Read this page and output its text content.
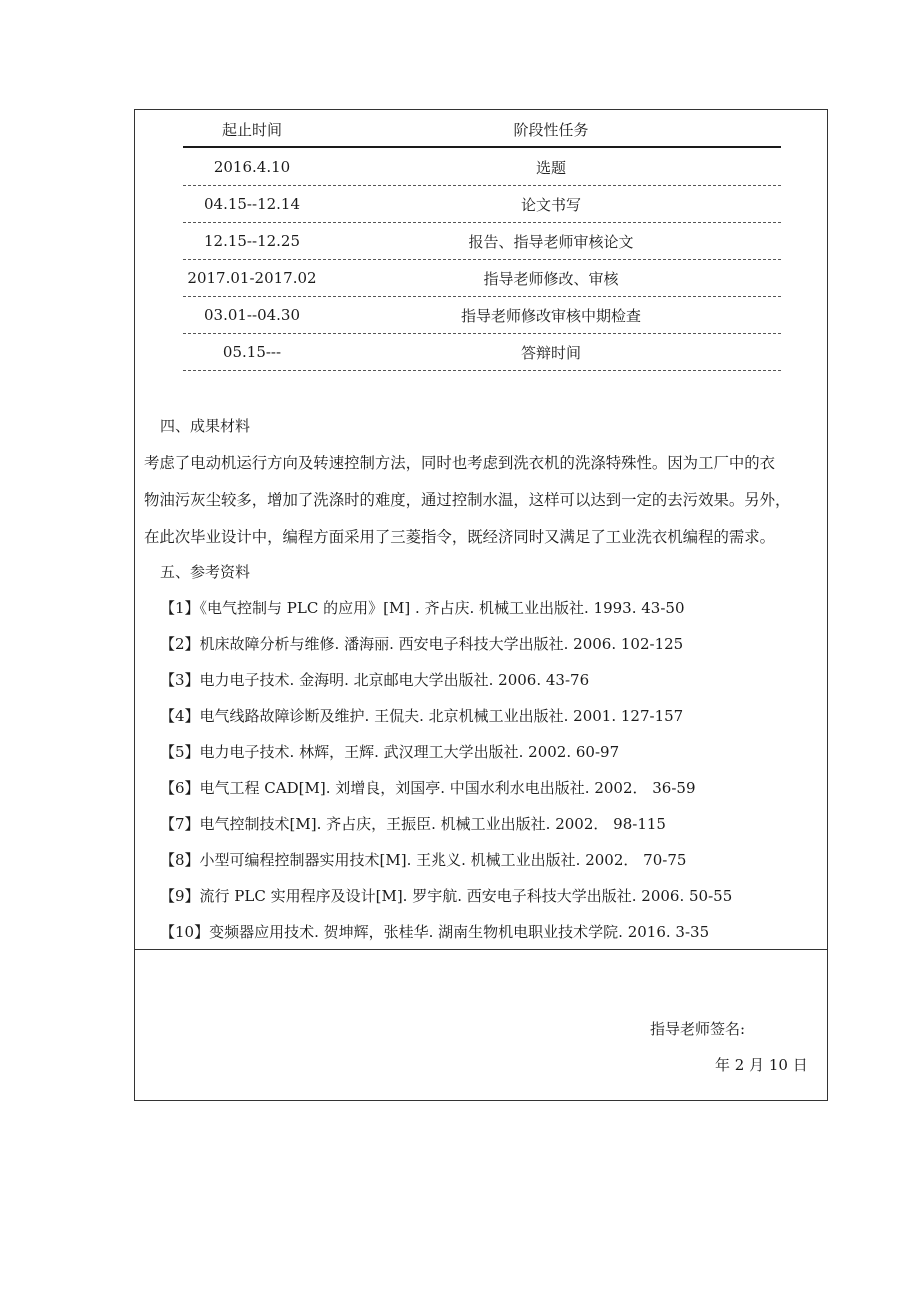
起止时间	阶段性任务
2016.4.10	选题
04.15--12.14	论文书写
12.15--12.25	报告、指导老师审核论文
2017.01-2017.02	指导老师修改、审核
03.01--04.30	指导老师修改审核中期检查
05.15---	答辩时间
四、成果材料
考虑了电动机运行方向及转速控制方法，同时也考虑到洗衣机的洗涤特殊性。因为工厂中的衣
物油污灰尘较多，增加了洗涤时的难度，通过控制水温，这样可以达到一定的去污效果。另外，
在此次毕业设计中，编程方面采用了三菱指令，既经济同时又满足了工业洗衣机编程的需求。
五、参考资料
【1】《电气控制与 PLC 的应用》[M] . 齐占庆. 机械工业出版社. 1993. 43-50
【2】机床故障分析与维修. 潘海丽. 西安电子科技大学出版社. 2006. 102-125
【3】电力电子技术. 金海明. 北京邮电大学出版社. 2006. 43-76
【4】电气线路故障诊断及维护. 王侃夫. 北京机械工业出版社. 2001. 127-157
【5】电力电子技术. 林辉，王辉. 武汉理工大学出版社. 2002. 60-97
【6】电气工程 CAD[M]. 刘增良，刘国亭. 中国水利水电出版社. 2002． 36-59
【7】电气控制技术[M]. 齐占庆，王振臣. 机械工业出版社. 2002． 98-115
【8】小型可编程控制器实用技术[M]. 王兆义. 机械工业出版社. 2002． 70-75
【9】流行 PLC 实用程序及设计[M]. 罗宇航. 西安电子科技大学出版社. 2006. 50-55
【10】变频器应用技术. 贺坤辉，张桂华. 湖南生物机电职业技术学院. 2016. 3-35
指导老师签名:
年 2 月 10 日
